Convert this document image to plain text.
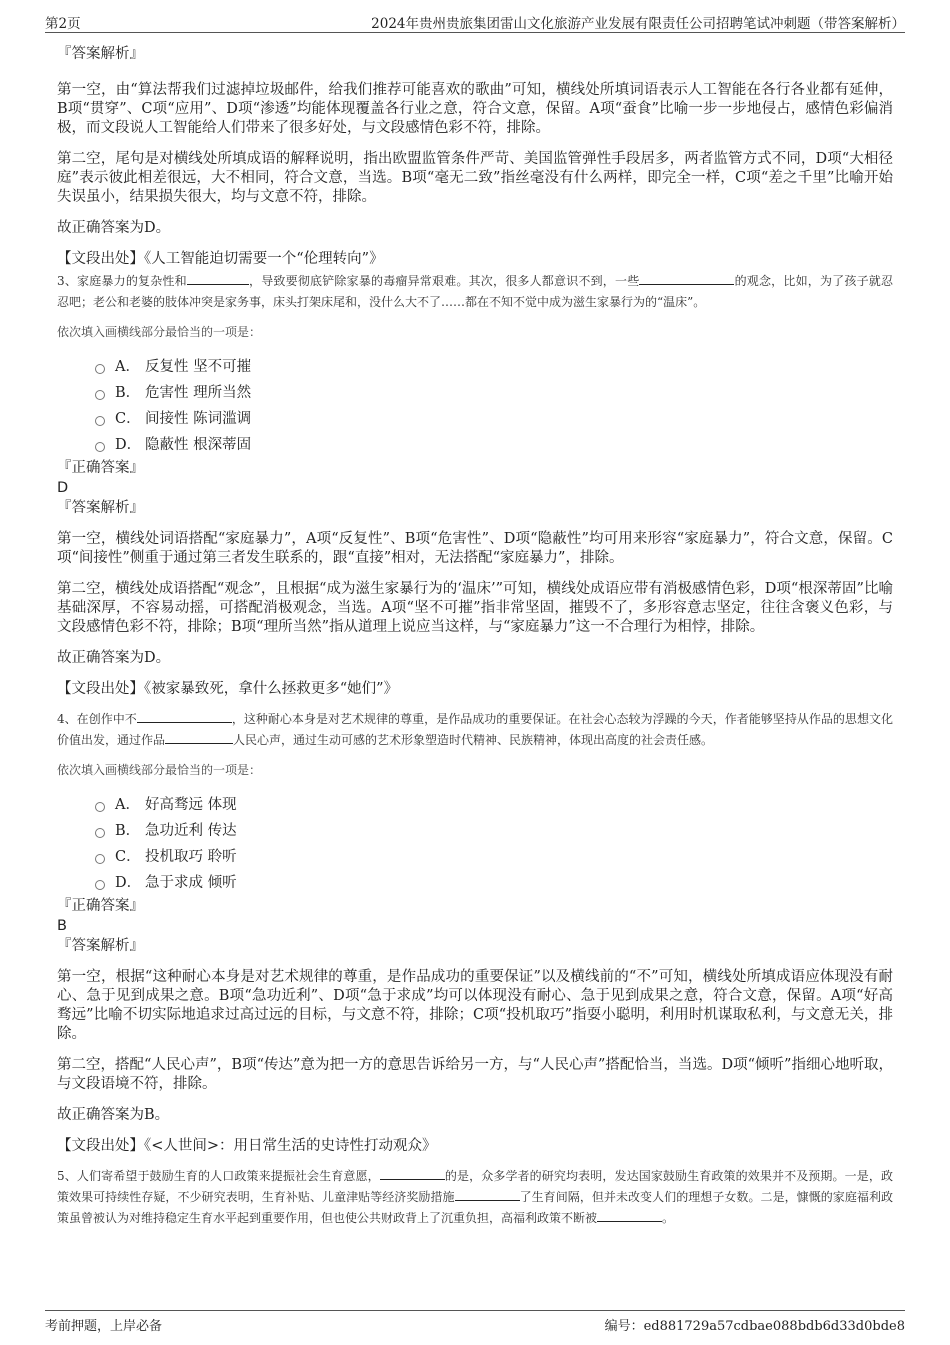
第2页	2024年贵州贵旅集团雷山文化旅游产业发展有限责任公司招聘笔试冲刺题（带答案解析）

『答案解析』

第一空，由“算法帮我们过滤掉垃圾邮件，给我们推荐可能喜欢的歌曲”可知，横线处所填词语表示人工智能在各行各业都有延伸，B项“贯穿”、C项“应用”、D项“渗透”均能体现覆盖各行业之意，符合文意，保留。A项“蚕食”比喻一步一步地侵占，感情色彩偏消极，而文段说人工智能给人们带来了很多好处，与文段感情色彩不符，排除。

第二空，尾句是对横线处所填成语的解释说明，指出欧盟监管条件严苛、美国监管弹性手段居多，两者监管方式不同，D项“大相径庭”表示彼此相差很远，大不相同，符合文意，当选。B项“毫无二致”指丝毫没有什么两样，即完全一样，C项“差之千里”比喻开始失误虽小，结果损失很大，均与文意不符，排除。

故正确答案为D。

【文段出处】《人工智能迫切需要一个“伦理转向”》

3、家庭暴力的复杂性和	，导致要彻底铲除家暴的毒瘤异常艰难。其次，很多人都意识不到，一些	的观念，比如，为了孩子就忍忍吧；老公和老婆的肢体冲突是家务事，床头打架床尾和，没什么大不了……都在不知不觉中成为滋生家暴行为的“温床”。

依次填入画横线部分最恰当的一项是：

A． 反复性 坚不可摧
B． 危害性 理所当然
C． 间接性 陈词滥调
D． 隐蔽性 根深蒂固

『正确答案』

D

『答案解析』

第一空，横线处词语搭配“家庭暴力”，A项“反复性”、B项“危害性”、D项“隐蔽性”均可用来形容“家庭暴力”，符合文意，保留。C项“间接性”侧重于通过第三者发生联系的，跟“直接”相对，无法搭配“家庭暴力”，排除。

第二空，横线处成语搭配“观念”，且根据“成为滋生家暴行为的‘温床’”可知，横线处成语应带有消极感情色彩，D项“根深蒂固”比喻基础深厚，不容易动摇，可搭配消极观念，当选。A项“坚不可摧”指非常坚固，摧毁不了，多形容意志坚定，往往含褒义色彩，与文段感情色彩不符，排除；B项“理所当然”指从道理上说应当这样，与“家庭暴力”这一不合理行为相悖，排除。

故正确答案为D。

【文段出处】《被家暴致死，拿什么拯救更多“她们”》

4、在创作中不	，这种耐心本身是对艺术规律的尊重，是作品成功的重要保证。在社会心态较为浮躁的今天，作者能够坚持从作品的思想文化价值出发，通过作品	人民心声，通过生动可感的艺术形象塑造时代精神、民族精神，体现出高度的社会责任感。

依次填入画横线部分最恰当的一项是：

A． 好高骛远 体现
B． 急功近利 传达
C． 投机取巧 聆听
D． 急于求成 倾听

『正确答案』

B

『答案解析』

第一空，根据“这种耐心本身是对艺术规律的尊重，是作品成功的重要保证”以及横线前的“不”可知，横线处所填成语应体现没有耐心、急于见到成果之意。B项“急功近利”、D项“急于求成”均可以体现没有耐心、急于见到成果之意，符合文意，保留。A项“好高骛远”比喻不切实际地追求过高过远的目标，与文意不符，排除；C项“投机取巧”指耍小聪明，利用时机谋取私利，与文意无关，排除。

第二空，搭配“人民心声”，B项“传达”意为把一方的意思告诉给另一方，与“人民心声”搭配恰当，当选。D项“倾听”指细心地听取，与文段语境不符，排除。

故正确答案为B。

【文段出处】《<人世间>：用日常生活的史诗性打动观众》

5、人们寄希望于鼓励生育的人口政策来提振社会生育意愿，	的是，众多学者的研究均表明，发达国家鼓励生育政策的效果并不及预期。一是，政策效果可持续性存疑，不少研究表明，生育补贴、儿童津贴等经济奖励措施	了生育间隔，但并未改变人们的理想子女数。二是，慷慨的家庭福利政策虽曾被认为对维持稳定生育水平起到重要作用，但也使公共财政背上了沉重负担，高福利政策不断被	。

考前押题，上岸必备	编号：ed881729a57cdbae088bdb6d33d0bde8
